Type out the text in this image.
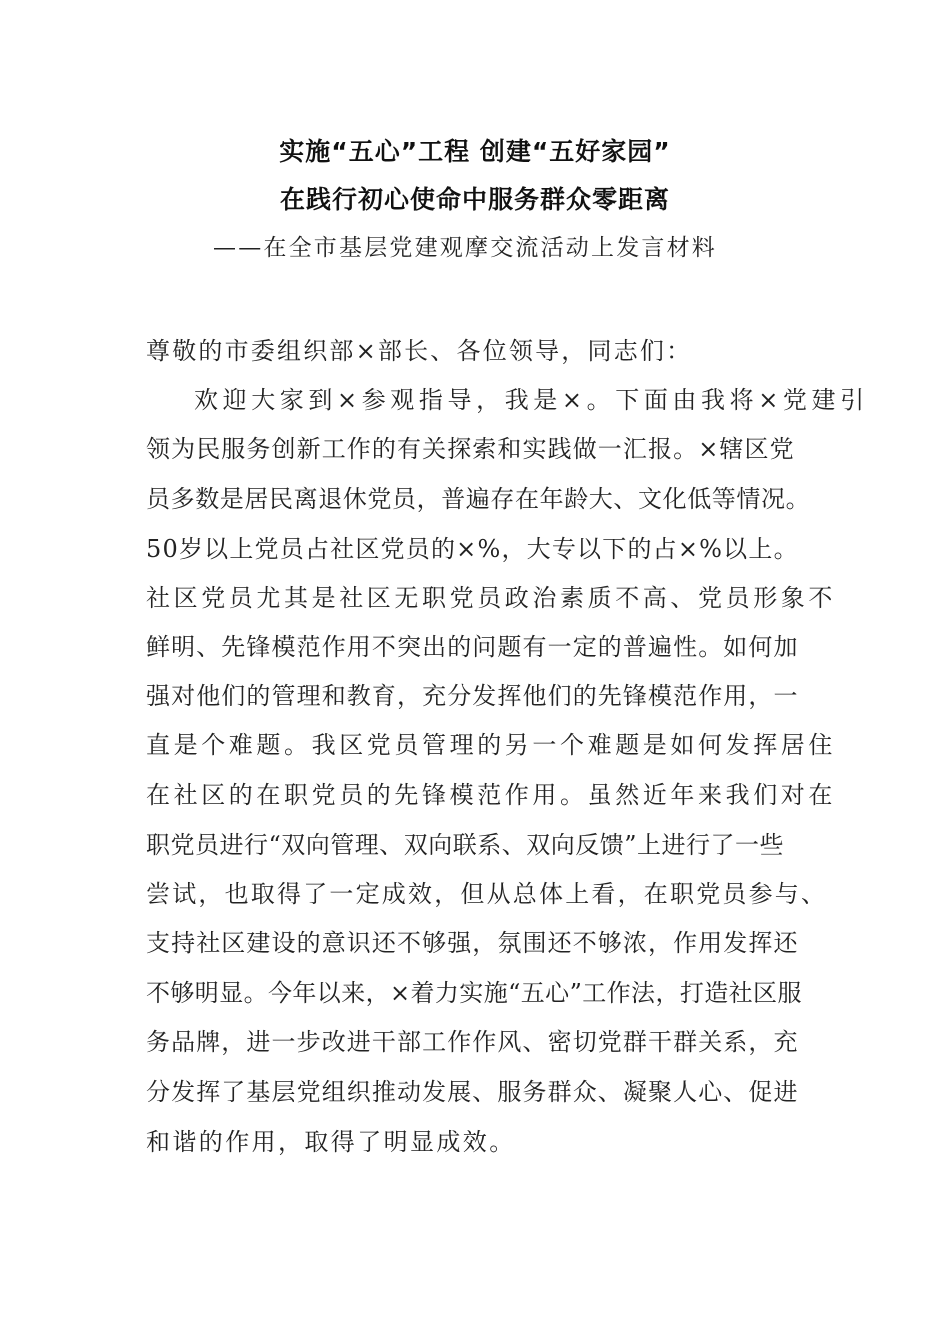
实施“五心”工程 创建“五好家园”
在践行初心使命中服务群众零距离
——在全市基层党建观摩交流活动上发言材料
尊敬的市委组织部×部长、各位领导，同志们：
欢迎大家到×参观指导，我是×。下面由我将×党建引
领为民服务创新工作的有关探索和实践做一汇报。×辖区党
员多数是居民离退休党员，普遍存在年龄大、文化低等情况。
50岁以上党员占社区党员的×%，大专以下的占×%以上。
社区党员尤其是社区无职党员政治素质不高、党员形象不
鲜明、先锋模范作用不突出的问题有一定的普遍性。如何加
强对他们的管理和教育，充分发挥他们的先锋模范作用，一
直是个难题。我区党员管理的另一个难题是如何发挥居住
在社区的在职党员的先锋模范作用。虽然近年来我们对在
职党员进行“双向管理、双向联系、双向反馈”上进行了一些
尝试，也取得了一定成效，但从总体上看，在职党员参与、
支持社区建设的意识还不够强，氛围还不够浓，作用发挥还
不够明显。今年以来，×着力实施“五心”工作法，打造社区服
务品牌，进一步改进干部工作作风、密切党群干群关系，充
分发挥了基层党组织推动发展、服务群众、凝聚人心、促进
和谐的作用，取得了明显成效。
